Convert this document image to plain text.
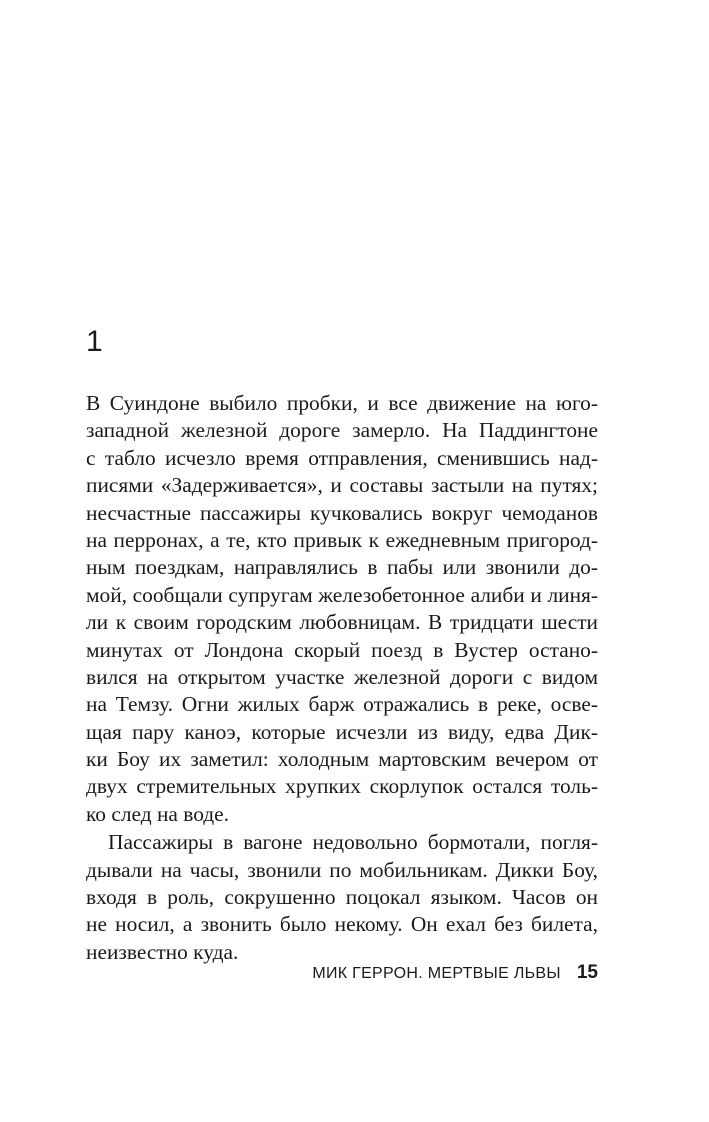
1
В Суиндоне выбило пробки, и все движение на юго-
западной железной дороге замерло. На Паддингтоне
с табло исчезло время отправления, сменившись над-
писями «Задерживается», и составы застыли на путях;
несчастные пассажиры кучковались вокруг чемоданов
на перронах, а те, кто привык к ежедневным пригород-
ным поездкам, направлялись в пабы или звонили до-
мой, сообщали супругам железобетонное алиби и линя-
ли к своим городским любовницам. В тридцати шести
минутах от Лондона скорый поезд в Вустер остано-
вился на открытом участке железной дороги с видом
на Темзу. Огни жилых барж отражались в реке, осве-
щая пару каноэ, которые исчезли из виду, едва Дик-
ки Боу их заметил: холодным мартовским вечером от
двух стремительных хрупких скорлупок остался толь-
ко след на воде.
Пассажиры в вагоне недовольно бормотали, погля-
дывали на часы, звонили по мобильникам. Дикки Боу,
входя в роль, сокрушенно поцокал языком. Часов он
не носил, а звонить было некому. Он ехал без билета,
неизвестно куда.
МИК ГЕРРОН. МЕРТВЫЕ ЛЬВЫ 15
